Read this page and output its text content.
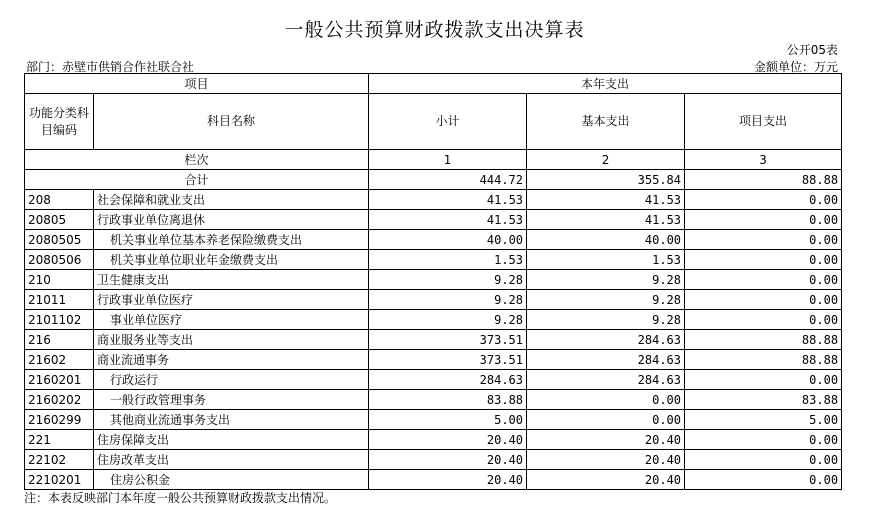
一般公共预算财政拨款支出决算表
公开05表
部门：赤壁市供销合作社联合社	金额单位：万元
项目		本年支出		
功能分类科目编码	科目名称	小计	基本支出	项目支出
栏次		1	2	3
合计		444.72	355.84	88.88
208	社会保障和就业支出	41.53	41.53	0.00
20805	行政事业单位离退休	41.53	41.53	0.00
2080505	机关事业单位基本养老保险缴费支出	40.00	40.00	0.00
2080506	机关事业单位职业年金缴费支出	1.53	1.53	0.00
210	卫生健康支出	9.28	9.28	0.00
21011	行政事业单位医疗	9.28	9.28	0.00
2101102	事业单位医疗	9.28	9.28	0.00
216	商业服务业等支出	373.51	284.63	88.88
21602	商业流通事务	373.51	284.63	88.88
2160201	行政运行	284.63	284.63	0.00
2160202	一般行政管理事务	83.88	0.00	83.88
2160299	其他商业流通事务支出	5.00	0.00	5.00
221	住房保障支出	20.40	20.40	0.00
22102	住房改革支出	20.40	20.40	0.00
2210201	住房公积金	20.40	20.40	0.00
注：本表反映部门本年度一般公共预算财政拨款支出情况。
